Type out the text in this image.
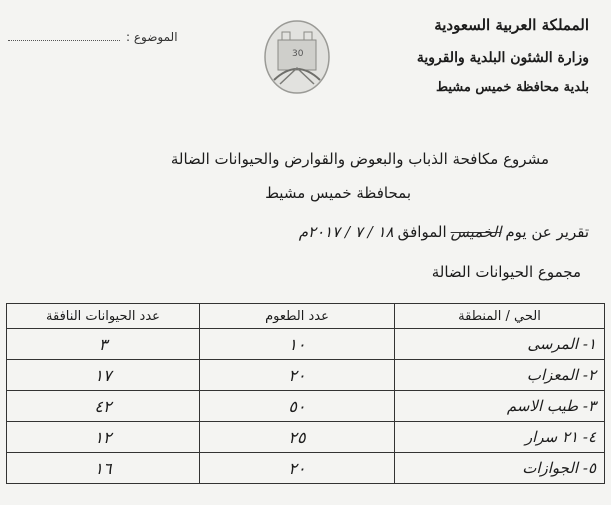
المملكة العربية السعودية
وزارة الشئون البلدية والقروية
بلدية محافظة خميس مشيط
الموضوع :
30
مشروع مكافحة الذباب والبعوض والقوارض والحيوانات الضالة
بمحافظة خميس مشيط
تقرير عن يوم
الخميس
الموافق
١٨ / ٧ / ٢٠١٧م
مجموع الحيوانات الضالة
الحي / المنطقة	عدد الطعوم	عدد الحيوانات النافقة
١- المرسى	١٠	٣
٢- المعزاب	٢٠	١٧
٣- طيب الاسم	٥٠	٤٢
٤- ٢١ سرار	٢٥	١٢
٥- الجوازات	٢٠	١٦
